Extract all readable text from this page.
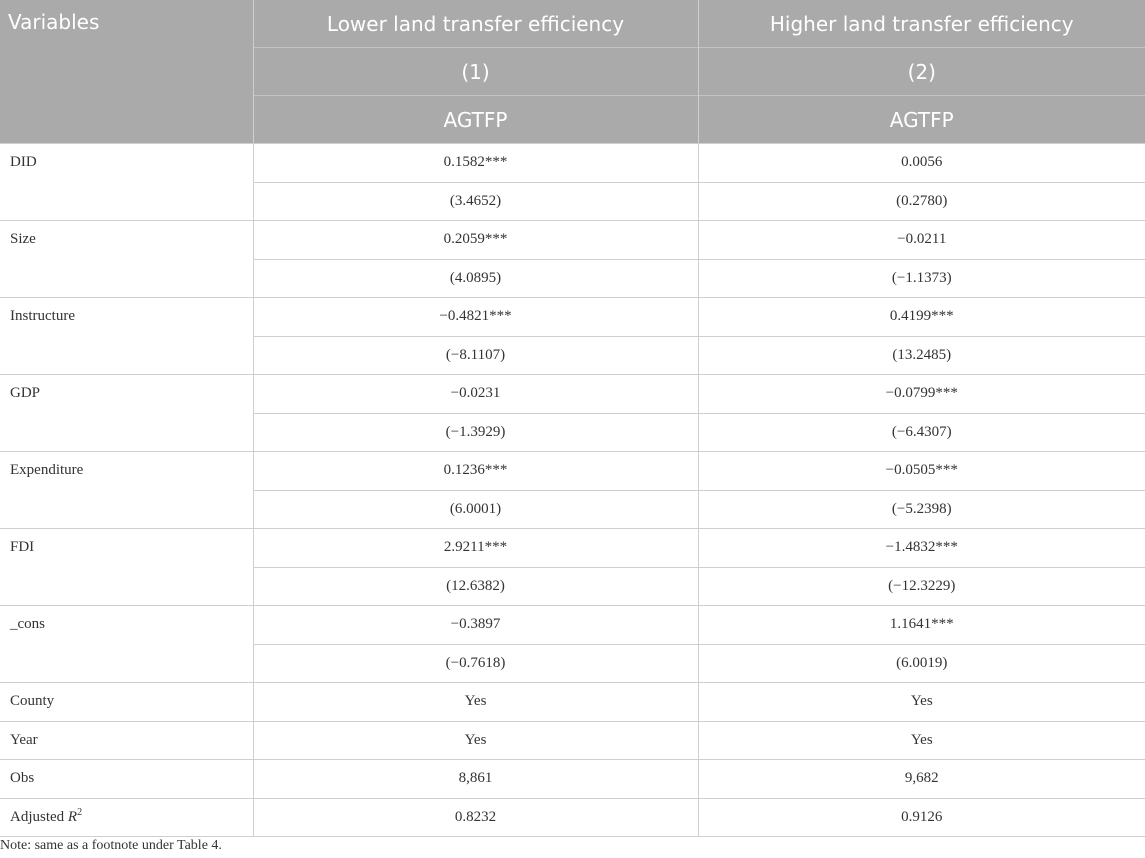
Variables	Lower land transfer efficiency	Higher land transfer efficiency
	(1)	(2)
	AGTFP	AGTFP
DID	0.1582***	0.0056
	(3.4652)	(0.2780)
Size	0.2059***	−0.0211
	(4.0895)	(−1.1373)
Instructure	−0.4821***	0.4199***
	(−8.1107)	(13.2485)
GDP	−0.0231	−0.0799***
	(−1.3929)	(−6.4307)
Expenditure	0.1236***	−0.0505***
	(6.0001)	(−5.2398)
FDI	2.9211***	−1.4832***
	(12.6382)	(−12.3229)
_cons	−0.3897	1.1641***
	(−0.7618)	(6.0019)
County	Yes	Yes
Year	Yes	Yes
Obs	8,861	9,682
Adjusted $R^2$	0.8232	0.9126
Note: same as a footnote under Table 4.
